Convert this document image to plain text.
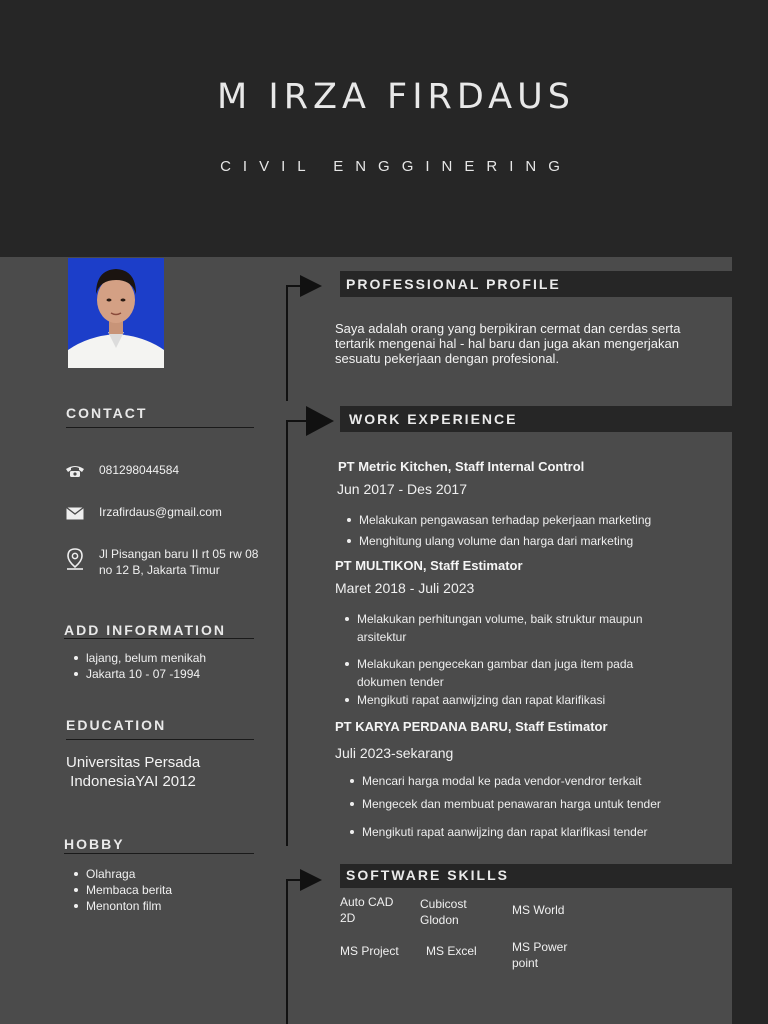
M IRZA FIRDAUS
CIVIL ENGGINERING
CONTACT
081298044584
Irzafirdaus@gmail.com
Jl Pisangan baru II rt 05 rw 08
no 12 B, Jakarta Timur
ADD INFORMATION
lajang, belum menikah
Jakarta 10 - 07 -1994
EDUCATION
Universitas Persada
IndonesiaYAI 2012
HOBBY
Olahraga
Membaca berita
Menonton film
PROFESSIONAL PROFILE
Saya adalah orang yang berpikiran cermat dan cerdas serta
tertarik mengenai hal - hal baru dan juga akan mengerjakan
sesuatu pekerjaan dengan profesional.
WORK EXPERIENCE
PT Metric Kitchen, Staff Internal Control
Jun 2017 - Des 2017
Melakukan pengawasan terhadap pekerjaan marketing
Menghitung ulang volume dan harga dari marketing
PT MULTIKON, Staff Estimator
Maret 2018 - Juli 2023
Melakukan perhitungan volume, baik struktur maupun
arsitektur
Melakukan pengecekan gambar dan juga item pada
dokumen tender
Mengikuti rapat aanwijzing dan rapat klarifikasi
PT KARYA PERDANA BARU, Staff Estimator
Juli 2023-sekarang
Mencari harga modal ke pada vendor-vendror terkait
Mengecek dan membuat penawaran harga untuk tender
Mengikuti rapat aanwijzing dan rapat klarifikasi tender
SOFTWARE SKILLS
Auto CAD
2D
Cubicost
Glodon
MS World
MS Project MS Excel	MS Power
point
